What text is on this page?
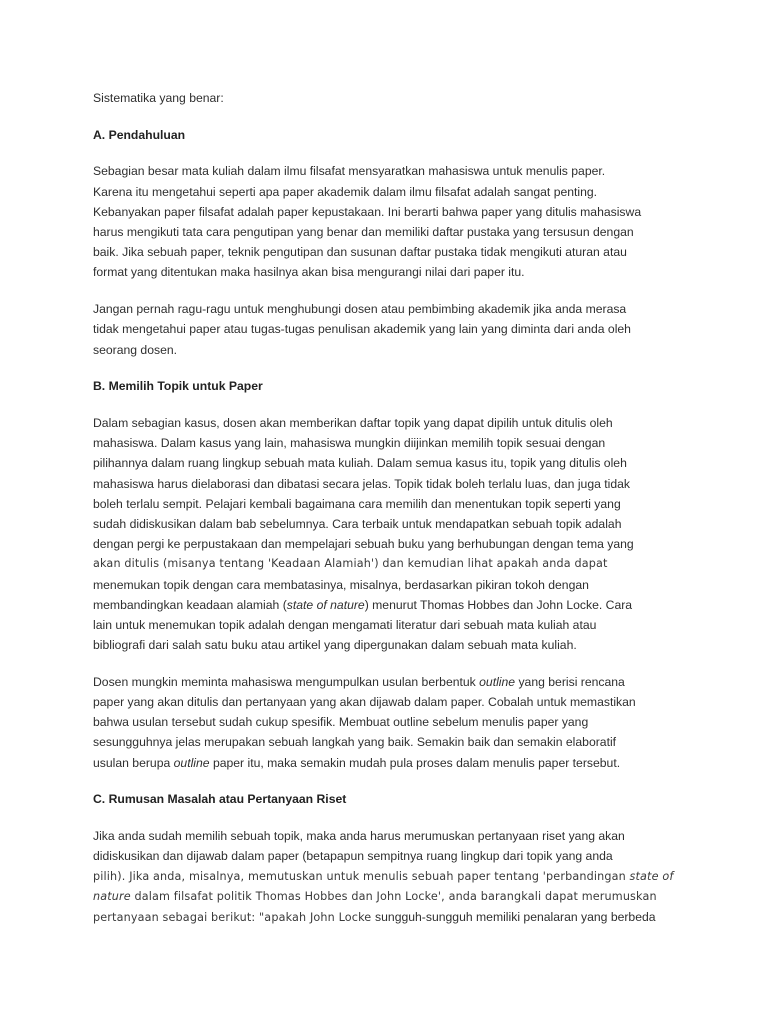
Sistematika yang benar:
A. Pendahuluan
Sebagian besar mata kuliah dalam ilmu filsafat mensyaratkan mahasiswa untuk menulis paper.
Karena itu mengetahui seperti apa paper akademik dalam ilmu filsafat adalah sangat penting.
Kebanyakan paper filsafat adalah paper kepustakaan. Ini berarti bahwa paper yang ditulis mahasiswa
harus mengikuti tata cara pengutipan yang benar dan memiliki daftar pustaka yang tersusun dengan
baik. Jika sebuah paper, teknik pengutipan dan susunan daftar pustaka tidak mengikuti aturan atau
format yang ditentukan maka hasilnya akan bisa mengurangi nilai dari paper itu.
Jangan pernah ragu-ragu untuk menghubungi dosen atau pembimbing akademik jika anda merasa
tidak mengetahui paper atau tugas-tugas penulisan akademik yang lain yang diminta dari anda oleh
seorang dosen.
B. Memilih Topik untuk Paper
Dalam sebagian kasus, dosen akan memberikan daftar topik yang dapat dipilih untuk ditulis oleh
mahasiswa. Dalam kasus yang lain, mahasiswa mungkin diijinkan memilih topik sesuai dengan
pilihannya dalam ruang lingkup sebuah mata kuliah. Dalam semua kasus itu, topik yang ditulis oleh
mahasiswa harus dielaborasi dan dibatasi secara jelas. Topik tidak boleh terlalu luas, dan juga tidak
boleh terlalu sempit. Pelajari kembali bagaimana cara memilih dan menentukan topik seperti yang
sudah didiskusikan dalam bab sebelumnya. Cara terbaik untuk mendapatkan sebuah topik adalah
dengan pergi ke perpustakaan dan mempelajari sebuah buku yang berhubungan dengan tema yang
akan ditulis (misanya tentang 'Keadaan Alamiah') dan kemudian lihat apakah anda dapat
menemukan topik dengan cara membatasinya, misalnya, berdasarkan pikiran tokoh dengan
membandingkan keadaan alamiah (state of nature) menurut Thomas Hobbes dan John Locke. Cara
lain untuk menemukan topik adalah dengan mengamati literatur dari sebuah mata kuliah atau
bibliografi dari salah satu buku atau artikel yang dipergunakan dalam sebuah mata kuliah.
Dosen mungkin meminta mahasiswa mengumpulkan usulan berbentuk outline yang berisi rencana
paper yang akan ditulis dan pertanyaan yang akan dijawab dalam paper. Cobalah untuk memastikan
bahwa usulan tersebut sudah cukup spesifik. Membuat outline sebelum menulis paper yang
sesungguhnya jelas merupakan sebuah langkah yang baik. Semakin baik dan semakin elaboratif
usulan berupa outline paper itu, maka semakin mudah pula proses dalam menulis paper tersebut.
C. Rumusan Masalah atau Pertanyaan Riset
Jika anda sudah memilih sebuah topik, maka anda harus merumuskan pertanyaan riset yang akan
didiskusikan dan dijawab dalam paper (betapapun sempitnya ruang lingkup dari topik yang anda
pilih). Jika anda, misalnya, memutuskan untuk menulis sebuah paper tentang 'perbandingan state of
nature dalam filsafat politik Thomas Hobbes dan John Locke', anda barangkali dapat merumuskan
pertanyaan sebagai berikut: "apakah John Locke sungguh-sungguh memiliki penalaran yang berbeda
